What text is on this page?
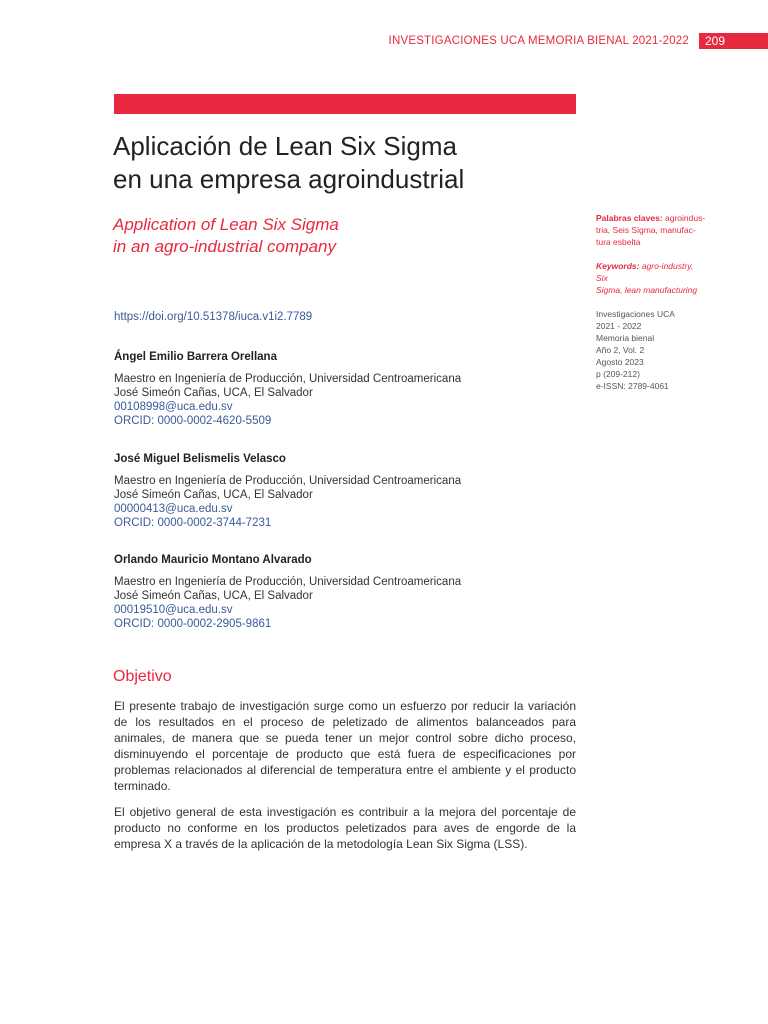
INVESTIGACIONES UCA MEMORIA BIENAL 2021-2022	209
Aplicación de Lean Six Sigma
en una empresa agroindustrial
Application of Lean Six Sigma
in an agro-industrial company
https://doi.org/10.51378/iuca.v1i2.7789
Ángel Emilio Barrera Orellana
Maestro en Ingeniería de Producción, Universidad Centroamericana
José Simeón Cañas, UCA, El Salvador
00108998@uca.edu.sv
ORCID: 0000-0002-4620-5509
José Miguel Belismelis Velasco
Maestro en Ingeniería de Producción, Universidad Centroamericana
José Simeón Cañas, UCA, El Salvador
00000413@uca.edu.sv
ORCID: 0000-0002-3744-7231
Orlando Mauricio Montano Alvarado
Maestro en Ingeniería de Producción, Universidad Centroamericana
José Simeón Cañas, UCA, El Salvador
00019510@uca.edu.sv
ORCID: 0000-0002-2905-9861
Palabras claves: agroindus-
tria, Seis Sigma, manufac-
tura esbelta
Keywords: agro-industry, Six
Sigma, lean manufacturing
Investigaciones UCA
2021 - 2022
Memoria bienal
Año 2, Vol. 2
Agosto 2023
p (209-212)
e-ISSN: 2789-4061
Objetivo

El presente trabajo de investigación surge como un esfuerzo por reducir la variación de los resultados en el proceso de peletizado de alimentos balanceados para animales, de manera que se pueda tener un mejor control sobre dicho proceso, disminuyendo el porcentaje de producto que está fuera de especificaciones por problemas relacionados al diferencial de temperatura entre el ambiente y el producto terminado.

El objetivo general de esta investigación es contribuir a la mejora del porcentaje de producto no conforme en los productos peletizados para aves de engorde de la empresa X a través de la aplicación de la metodología Lean Six Sigma (LSS).
